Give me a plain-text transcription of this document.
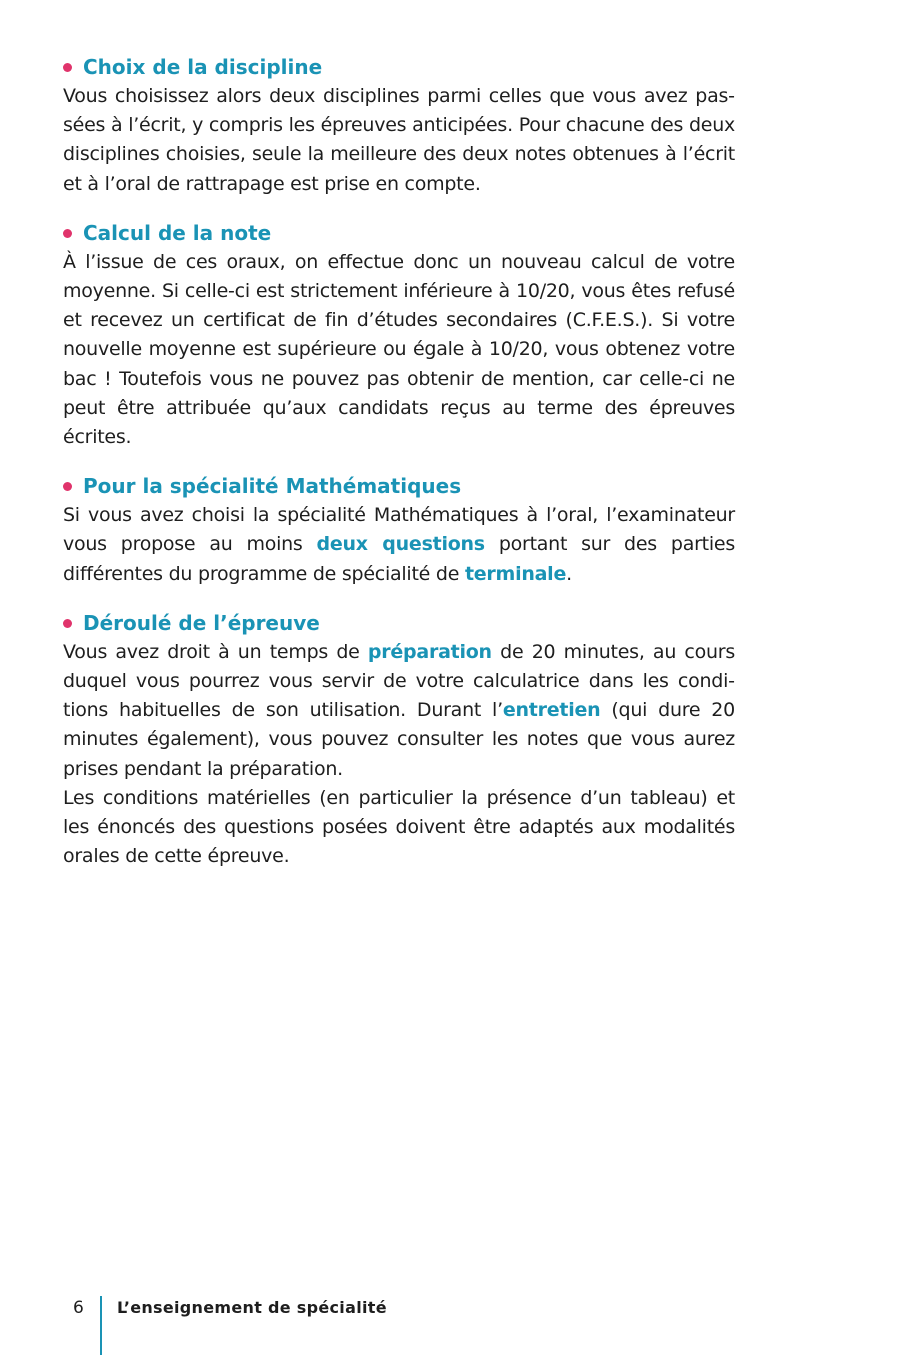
Choix de la discipline

Vous choisissez alors deux disciplines parmi celles que vous avez passées à l’écrit, y compris les épreuves anticipées. Pour chacune des deux disciplines choisies, seule la meilleure des deux notes obtenues à l’écrit et à l’oral de rattrapage est prise en compte.

Calcul de la note

À l’issue de ces oraux, on effectue donc un nouveau calcul de votre moyenne. Si celle-ci est strictement inférieure à 10/20, vous êtes refusé et recevez un certificat de fin d’études secondaires (C.F.E.S.). Si votre nouvelle moyenne est supérieure ou égale à 10/20, vous obtenez votre bac ! Toutefois vous ne pouvez pas obtenir de mention, car celle-ci ne peut être attribuée qu’aux candidats reçus au terme des épreuves écrites.

Pour la spécialité Mathématiques

Si vous avez choisi la spécialité Mathématiques à l’oral, l’examinateur vous propose au moins deux questions portant sur des parties différentes du programme de spécialité de terminale.

Déroulé de l’épreuve

Vous avez droit à un temps de préparation de 20 minutes, au cours duquel vous pourrez vous servir de votre calculatrice dans les conditions habituelles de son utilisation. Durant l’entretien (qui dure 20 minutes également), vous pouvez consulter les notes que vous aurez prises pendant la préparation.

Les conditions matérielles (en particulier la présence d’un tableau) et les énoncés des questions posées doivent être adaptés aux modalités orales de cette épreuve.

6 L’enseignement de spécialité
